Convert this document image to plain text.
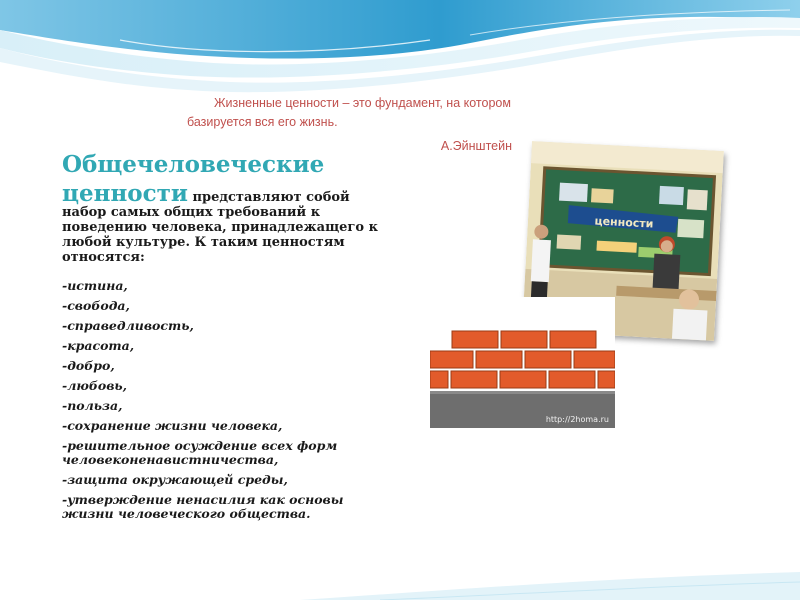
Жизненные ценности – это фундамент, на котором
базируется вся его жизнь.
А.Эйнштейн
Общечеловеческие
ценности представляют собой набор самых общих требований к поведению человека, принадлежащего к любой культуре. К таким ценностям относятся:
-истина,
-свобода,
-справедливость,
-красота,
-добро,
-любовь,
-польза,
-сохранение жизни человека,
-решительное осуждение всех форм человеконенавистничества,
-защита окружающей среды,
-утверждение ненасилия как основы жизни человеческого общества.
ценности
http://2homa.ru
